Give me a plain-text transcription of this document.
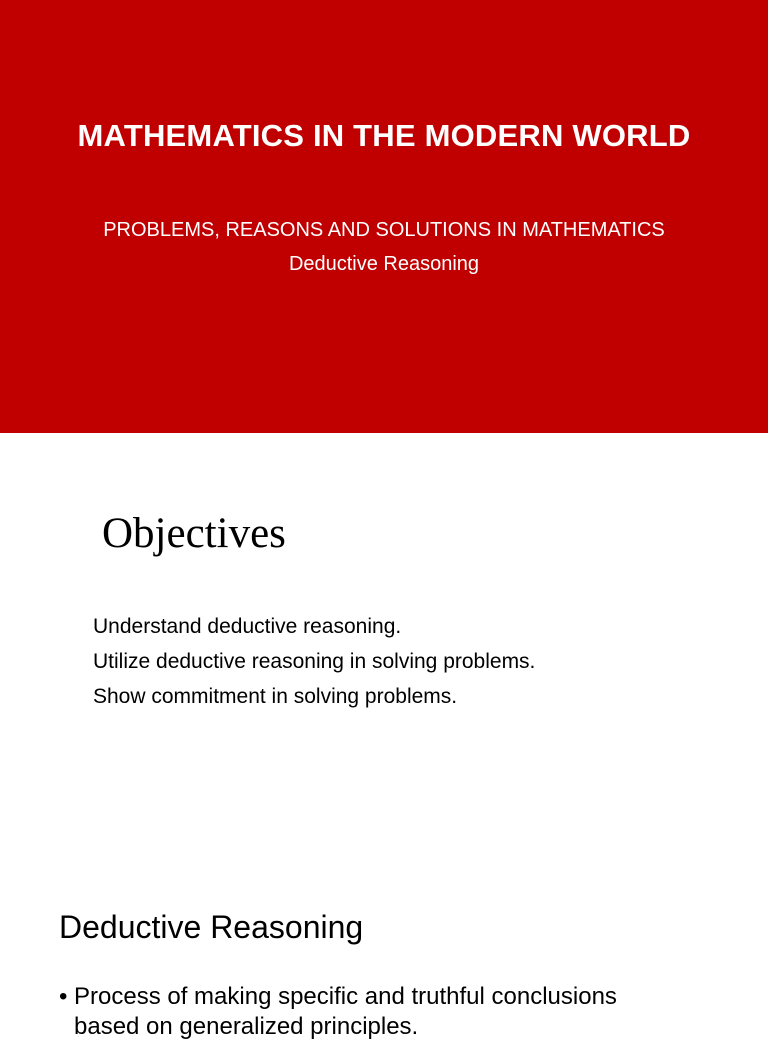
MATHEMATICS IN THE MODERN WORLD
PROBLEMS, REASONS AND SOLUTIONS IN MATHEMATICS
Deductive Reasoning
Objectives
Understand deductive reasoning.
Utilize deductive reasoning in solving problems.
Show commitment in solving problems.
Deductive Reasoning
• Process of making specific and truthful conclusions
based on generalized principles.
